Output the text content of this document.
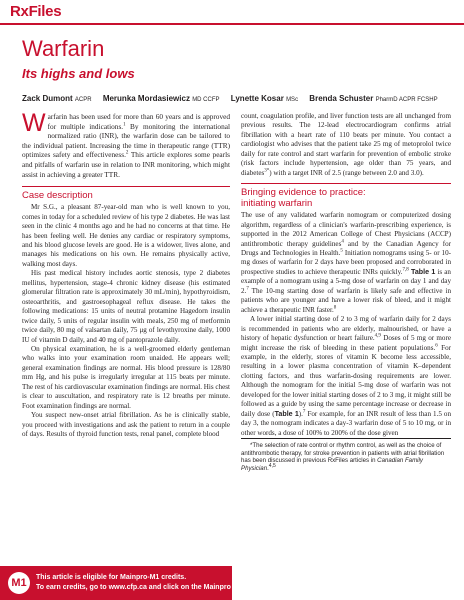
RxFiles
Warfarin
Its highs and lows
Zack Dumont ACPR Merunka Mordasiewicz MD CCFP Lynette Kosar MSc Brenda Schuster PharmD ACPR FCSHP

Warfarin has been used for more than 60 years and is approved for multiple indications.$^1$ By monitoring the international normalized ratio (INR), the warfarin dose can be tailored to the individual patient. Increasing the time in therapeutic range (TTR) optimizes safety and effectiveness.$^2$ This article explores some pearls and pitfalls of warfarin use in relation to INR monitoring, which might assist in achieving a greater TTR.

Case description

Mr S.G., a pleasant 87-year-old man who is well known to you, comes in today for a scheduled review of his type 2 diabetes. He was last seen in the clinic 4 months ago and he had no concerns at that time. He has been feeling well. He denies any cardiac or respiratory symptoms, and his blood glucose levels are good. He is a widower, lives alone, and manages his medications on his own. He remains physically active, walking most days.

His past medical history includes aortic stenosis, type 2 diabetes mellitus, hypertension, stage-4 chronic kidney disease (his estimated glomerular filtration rate is approximately 30 mL/min), hypothyroidism, osteoarthritis, and gastroesophageal reflux disease. He takes the following medications: 15 units of neutral protamine Hagedorn insulin twice daily, 5 units of regular insulin with meals, 250 mg of metformin twice daily, 80 mg of valsartan daily, 75 μg of levothyroxine daily, 1000 IU of vitamin D daily, and 40 mg of pantoprazole daily.

On physical examination, he is a well-groomed elderly gentleman who walks into your examination room unaided. He appears well; general examination findings are normal. His blood pressure is 128/80 mm Hg, and his pulse is irregularly irregular at 115 beats per minute. The rest of his cardiovascular examination findings are normal. His chest is clear to auscultation, and respiratory rate is 12 breaths per minute. Foot examination findings are normal.

You suspect new-onset atrial fibrillation. As he is clinically stable, you proceed with investigations and ask the patient to return in a couple of days. Results of thyroid function tests, renal panel, complete blood

count, coagulation profile, and liver function tests are all unchanged from previous results. The 12-lead electrocardiogram confirms atrial fibrillation with a heart rate of 110 beats per minute. You contact a cardiologist who advises that the patient take 25 mg of metoprolol twice daily for rate control and start warfarin for prevention of embolic stroke (risk factors include hypertension, age older than 75 years, and diabetes$^{3*}$) with a target INR of 2.5 (range between 2.0 and 3.0).

Bringing evidence to practice:
initiating warfarin

The use of any validated warfarin nomogram or computerized dosing algorithm, regardless of a clinician's warfarin-prescribing experience, is supported in the 2012 American College of Chest Physicians (ACCP) antithrombotic therapy guidelines$^4$ and by the Canadian Agency for Drugs and Technologies in Health.$^5$ Initiation nomograms using 5- or 10-mg doses of warfarin for 2 days have been proposed and corroborated in prospective studies to achieve therapeutic INRs quickly.$^{7,8}$ Table 1 is an example of a nomogram using a 5-mg dose of warfarin on day 1 and day 2.$^7$ The 10-mg starting dose of warfarin is likely safe and effective in patients who are younger and have a lower risk of bleed, and it might achieve a therapeutic INR faster.$^8$

A lower initial starting dose of 2 to 3 mg of warfarin daily for 2 days is recommended in patients who are elderly, malnourished, or have a history of hepatic dysfunction or heart failure.$^{4,9}$ Doses of 5 mg or more might increase the risk of bleeding in these patient populations.$^6$ For example, in the elderly, stores of vitamin K become less accessible, resulting in a lower plasma concentration of vitamin K–dependent clotting factors, and thus warfarin-dosing requirements are lower. Although the nomogram for the initial 5-mg dose of warfarin was not developed for the lower initial starting doses of 2 to 3 mg, it might still be followed as a guide by using the same percentage increase or decrease in daily dose (Table 1).$^7$ For example, for an INR result of less than 1.5 on day 3, the nomogram indicates a day-3 warfarin dose of 5 to 10 mg, or in other words, a dose of 100% to 200% of the dose given

*The selection of rate control or rhythm control, as well as the choice of antithrombotic therapy, for stroke prevention in patients with atrial fibrillation has been discussed in previous RxFiles articles in Canadian Family Physician.$^{4,5}$

M1	This article is eligible for Mainpro-M1 credits.
To earn credits, go to www.cfp.ca and click on the Mainpro link.
